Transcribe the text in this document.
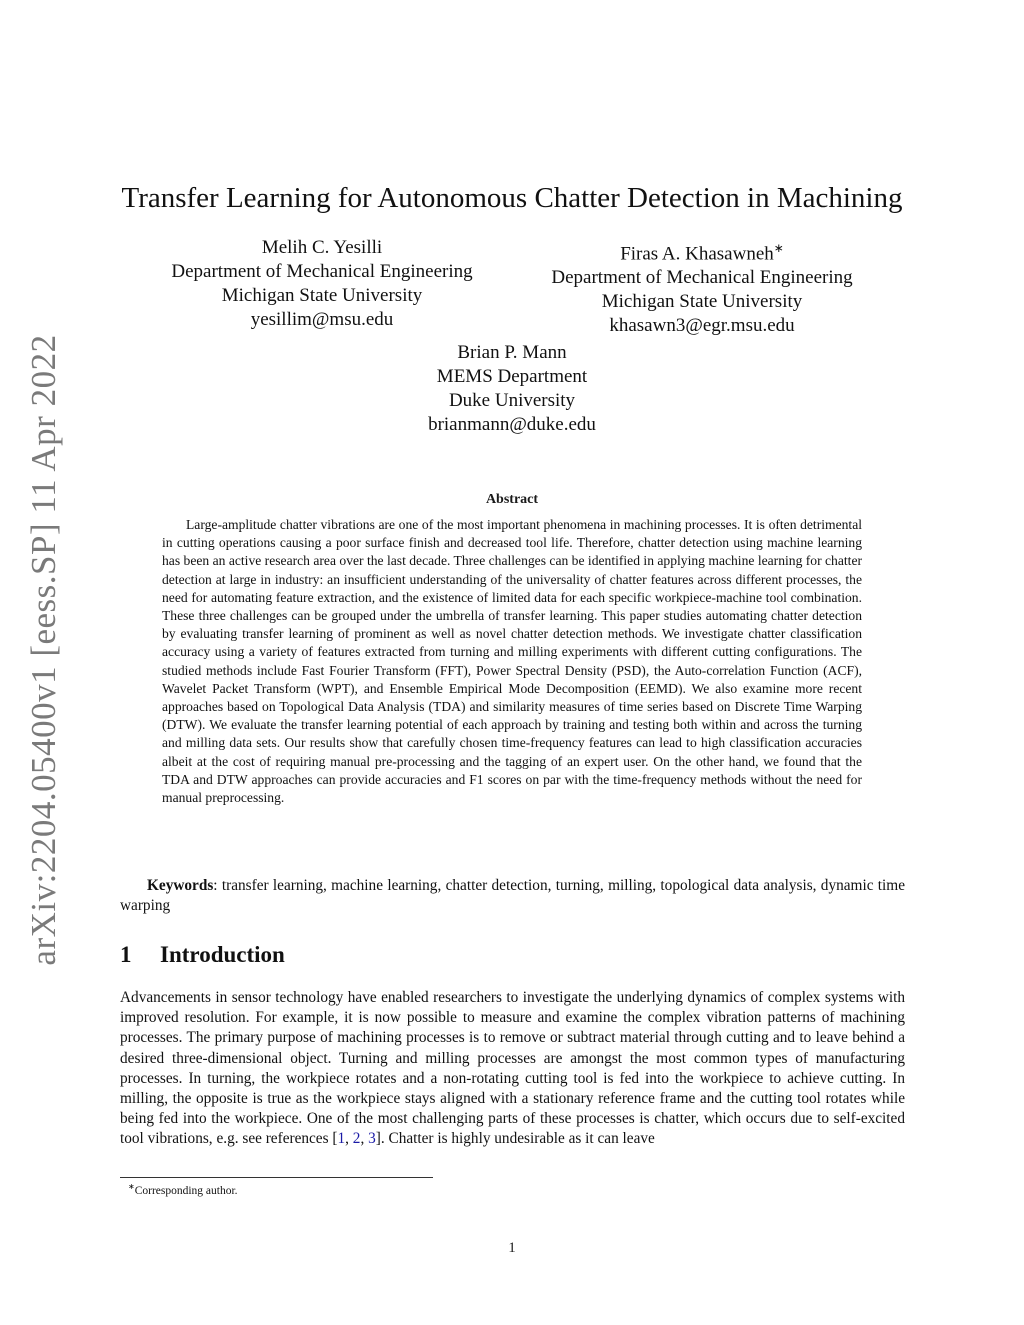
arXiv:2204.05400v1 [eess.SP] 11 Apr 2022
Transfer Learning for Autonomous Chatter Detection in Machining
Melih C. Yesilli
Department of Mechanical Engineering
Michigan State University
yesillim@msu.edu
Firas A. Khasawneh∗
Department of Mechanical Engineering
Michigan State University
khasawn3@egr.msu.edu
Brian P. Mann
MEMS Department
Duke University
brianmann@duke.edu
Abstract
Large-amplitude chatter vibrations are one of the most important phenomena in machining processes. It is often detrimental in cutting operations causing a poor surface finish and decreased tool life. Therefore, chatter detection using machine learning has been an active research area over the last decade. Three challenges can be identified in applying machine learning for chatter detection at large in industry: an insufficient understanding of the universality of chatter features across different processes, the need for automating feature extraction, and the existence of limited data for each specific workpiece-machine tool combination. These three challenges can be grouped under the umbrella of transfer learning. This paper studies automating chatter detection by evaluating transfer learning of prominent as well as novel chatter detection methods. We investigate chatter classification accuracy using a variety of features extracted from turning and milling experiments with different cutting configurations. The studied methods include Fast Fourier Transform (FFT), Power Spectral Density (PSD), the Auto-correlation Function (ACF), Wavelet Packet Transform (WPT), and Ensemble Empirical Mode Decomposition (EEMD). We also examine more recent approaches based on Topological Data Analysis (TDA) and similarity measures of time series based on Discrete Time Warping (DTW). We evaluate the transfer learning potential of each approach by training and testing both within and across the turning and milling data sets. Our results show that carefully chosen time-frequency features can lead to high classification accuracies albeit at the cost of requiring manual pre-processing and the tagging of an expert user. On the other hand, we found that the TDA and DTW approaches can provide accuracies and F1 scores on par with the time-frequency methods without the need for manual preprocessing.
Keywords: transfer learning, machine learning, chatter detection, turning, milling, topological data analysis, dynamic time warping
1 Introduction
Advancements in sensor technology have enabled researchers to investigate the underlying dynamics of complex systems with improved resolution. For example, it is now possible to measure and examine the complex vibration patterns of machining processes. The primary purpose of machining processes is to remove or subtract material through cutting and to leave behind a desired three-dimensional object. Turning and milling processes are amongst the most common types of manufacturing processes. In turning, the workpiece rotates and a non-rotating cutting tool is fed into the workpiece to achieve cutting. In milling, the opposite is true as the workpiece stays aligned with a stationary reference frame and the cutting tool rotates while being fed into the workpiece. One of the most challenging parts of these processes is chatter, which occurs due to self-excited tool vibrations, e.g. see references [1, 2, 3]. Chatter is highly undesirable as it can leave
∗Corresponding author.
1
